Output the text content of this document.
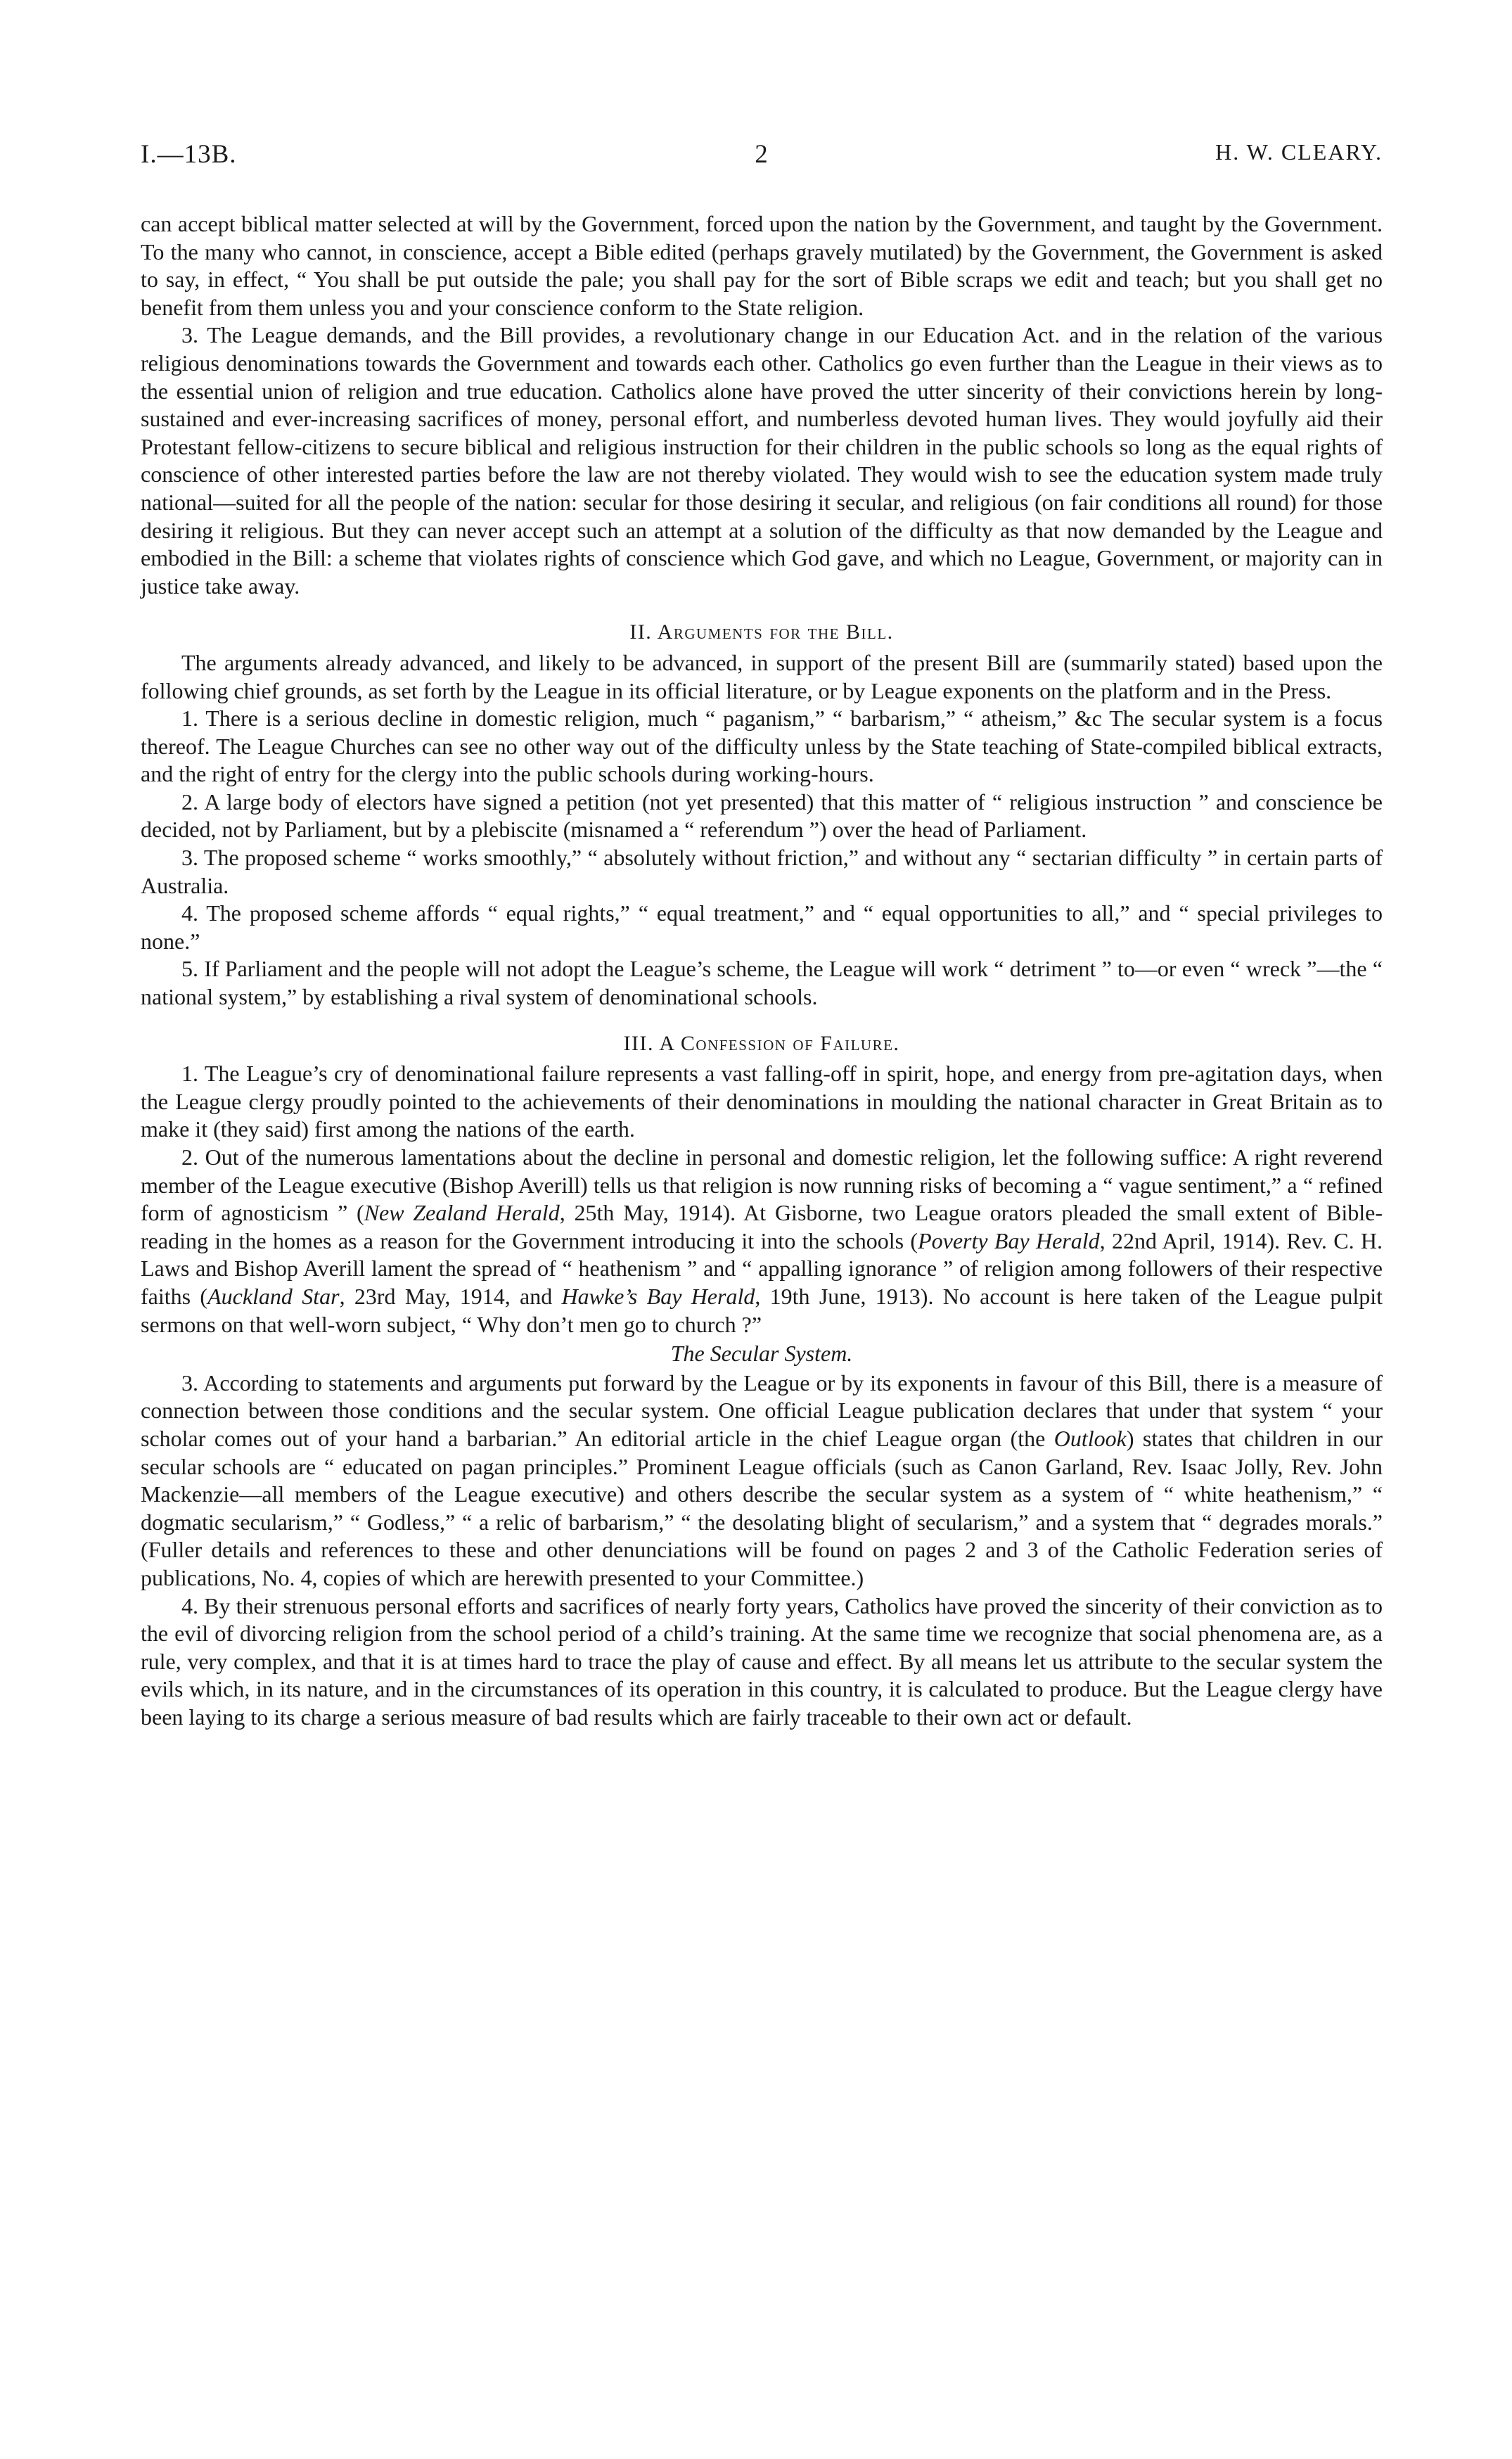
I.—13B.	2	H. W. CLEARY.

can accept biblical matter selected at will by the Government, forced upon the nation by the Government, and taught by the Government. To the many who cannot, in conscience, accept a Bible edited (perhaps gravely mutilated) by the Government, the Government is asked to say, in effect, “ You shall be put outside the pale; you shall pay for the sort of Bible scraps we edit and teach; but you shall get no benefit from them unless you and your conscience conform to the State religion.

3. The League demands, and the Bill provides, a revolutionary change in our Education Act. and in the relation of the various religious denominations towards the Government and towards each other. Catholics go even further than the League in their views as to the essential union of religion and true education. Catholics alone have proved the utter sincerity of their convictions herein by long-sustained and ever-increasing sacrifices of money, personal effort, and numberless devoted human lives. They would joyfully aid their Protestant fellow-citizens to secure biblical and religious instruction for their children in the public schools so long as the equal rights of conscience of other interested parties before the law are not thereby violated. They would wish to see the education system made truly national—suited for all the people of the nation: secular for those desiring it secular, and religious (on fair conditions all round) for those desiring it religious. But they can never accept such an attempt at a solution of the difficulty as that now demanded by the League and embodied in the Bill: a scheme that violates rights of conscience which God gave, and which no League, Government, or majority can in justice take away.

II. Arguments for the Bill.

The arguments already advanced, and likely to be advanced, in support of the present Bill are (summarily stated) based upon the following chief grounds, as set forth by the League in its official literature, or by League exponents on the platform and in the Press.

1. There is a serious decline in domestic religion, much “ paganism,” “ barbarism,” “ atheism,” &c The secular system is a focus thereof. The League Churches can see no other way out of the difficulty unless by the State teaching of State-compiled biblical extracts, and the right of entry for the clergy into the public schools during working-hours.

2. A large body of electors have signed a petition (not yet presented) that this matter of “ religious instruction ” and conscience be decided, not by Parliament, but by a plebiscite (misnamed a “ referendum ”) over the head of Parliament.

3. The proposed scheme “ works smoothly,” “ absolutely without friction,” and without any “ sectarian difficulty ” in certain parts of Australia.

4. The proposed scheme affords “ equal rights,” “ equal treatment,” and “ equal opportunities to all,” and “ special privileges to none.”

5. If Parliament and the people will not adopt the League’s scheme, the League will work “ detriment ” to—or even “ wreck ”—the “ national system,” by establishing a rival system of denominational schools.

III. A Confession of Failure.

1. The League’s cry of denominational failure represents a vast falling-off in spirit, hope, and energy from pre-agitation days, when the League clergy proudly pointed to the achievements of their denominations in moulding the national character in Great Britain as to make it (they said) first among the nations of the earth.

2. Out of the numerous lamentations about the decline in personal and domestic religion, let the following suffice: A right reverend member of the League executive (Bishop Averill) tells us that religion is now running risks of becoming a “ vague sentiment,” a “ refined form of agnosticism ” (New Zealand Herald, 25th May, 1914). At Gisborne, two League orators pleaded the small extent of Bible-reading in the homes as a reason for the Government introducing it into the schools (Poverty Bay Herald, 22nd April, 1914). Rev. C. H. Laws and Bishop Averill lament the spread of “ heathenism ” and “ appalling ignorance ” of religion among followers of their respective faiths (Auckland Star, 23rd May, 1914, and Hawke’s Bay Herald, 19th June, 1913). No account is here taken of the League pulpit sermons on that well-worn subject, “ Why don’t men go to church ?”

The Secular System.

3. According to statements and arguments put forward by the League or by its exponents in favour of this Bill, there is a measure of connection between those conditions and the secular system. One official League publication declares that under that system “ your scholar comes out of your hand a barbarian.” An editorial article in the chief League organ (the Outlook) states that children in our secular schools are “ educated on pagan principles.” Prominent League officials (such as Canon Garland, Rev. Isaac Jolly, Rev. John Mackenzie—all members of the League executive) and others describe the secular system as a system of “ white heathenism,” “ dogmatic secularism,” “ Godless,” “ a relic of barbarism,” “ the desolating blight of secularism,” and a system that “ degrades morals.” (Fuller details and references to these and other denunciations will be found on pages 2 and 3 of the Catholic Federation series of publications, No. 4, copies of which are herewith presented to your Committee.)

4. By their strenuous personal efforts and sacrifices of nearly forty years, Catholics have proved the sincerity of their conviction as to the evil of divorcing religion from the school period of a child’s training. At the same time we recognize that social phenomena are, as a rule, very complex, and that it is at times hard to trace the play of cause and effect. By all means let us attribute to the secular system the evils which, in its nature, and in the circumstances of its operation in this country, it is calculated to produce. But the League clergy have been laying to its charge a serious measure of bad results which are fairly traceable to their own act or default.
